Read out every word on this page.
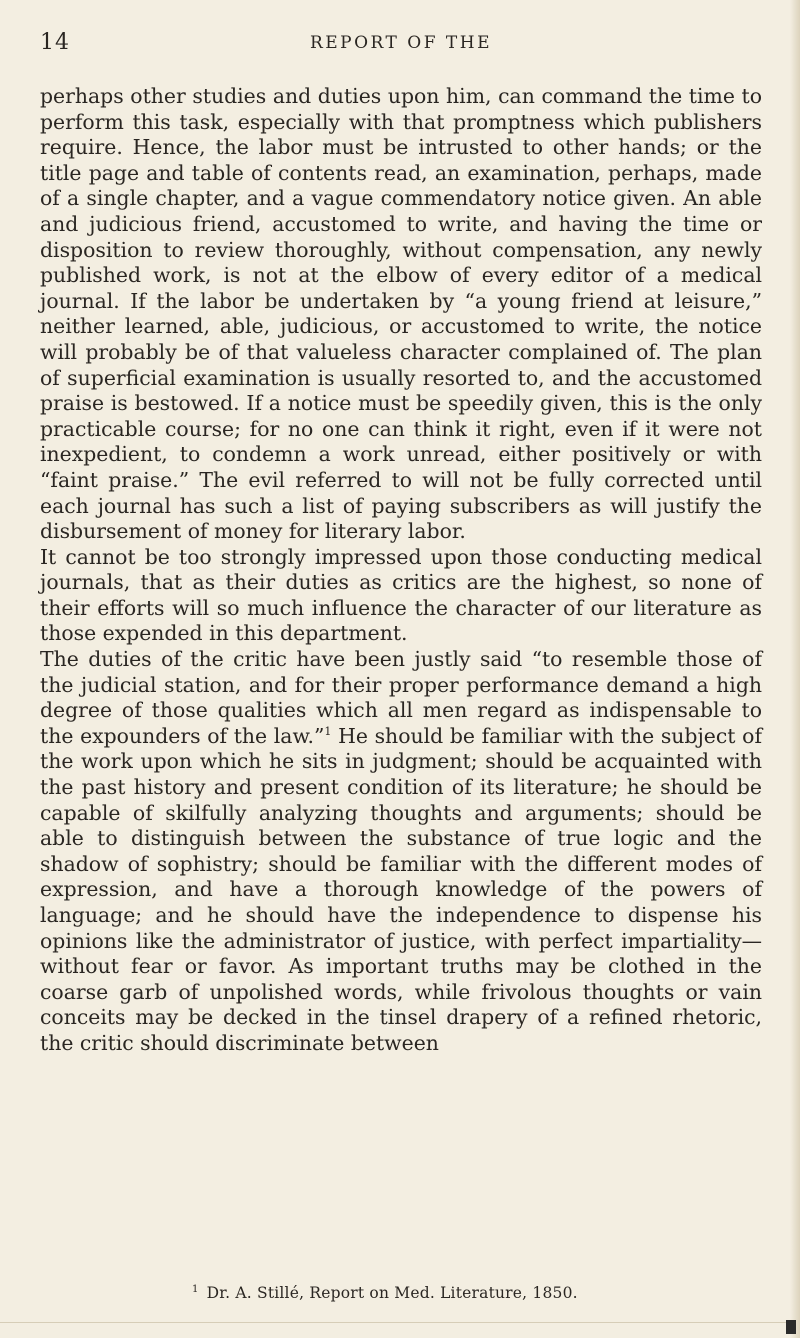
14	REPORT OF THE

perhaps other studies and duties upon him, can command the time to perform this task, especially with that promptness which publishers require. Hence, the labor must be intrusted to other hands; or the title page and table of contents read, an examination, perhaps, made of a single chapter, and a vague commendatory notice given. An able and judicious friend, accustomed to write, and having the time or disposition to review thoroughly, without compensation, any newly published work, is not at the elbow of every editor of a medical journal. If the labor be undertaken by “a young friend at leisure,” neither learned, able, judicious, or accustomed to write, the notice will probably be of that valueless character complained of. The plan of superficial examination is usually resorted to, and the accustomed praise is bestowed. If a notice must be speedily given, this is the only practicable course; for no one can think it right, even if it were not inexpedient, to condemn a work unread, either positively or with “faint praise.” The evil referred to will not be fully corrected until each journal has such a list of paying subscribers as will justify the disbursement of money for literary labor.

It cannot be too strongly impressed upon those conducting medical journals, that as their duties as critics are the highest, so none of their efforts will so much influence the character of our literature as those expended in this department.

The duties of the critic have been justly said “to resemble those of the judicial station, and for their proper performance demand a high degree of those qualities which all men regard as indispensable to the expounders of the law.”$^1$ He should be familiar with the subject of the work upon which he sits in judgment; should be acquainted with the past history and present condition of its literature; he should be capable of skilfully analyzing thoughts and arguments; should be able to distinguish between the substance of true logic and the shadow of sophistry; should be familiar with the different modes of expression, and have a thorough knowledge of the powers of language; and he should have the independence to dispense his opinions like the administrator of justice, with perfect impartiality—without fear or favor. As important truths may be clothed in the coarse garb of unpolished words, while frivolous thoughts or vain conceits may be decked in the tinsel drapery of a refined rhetoric, the critic should discriminate between

$^1$ Dr. A. Stillé, Report on Med. Literature, 1850.
